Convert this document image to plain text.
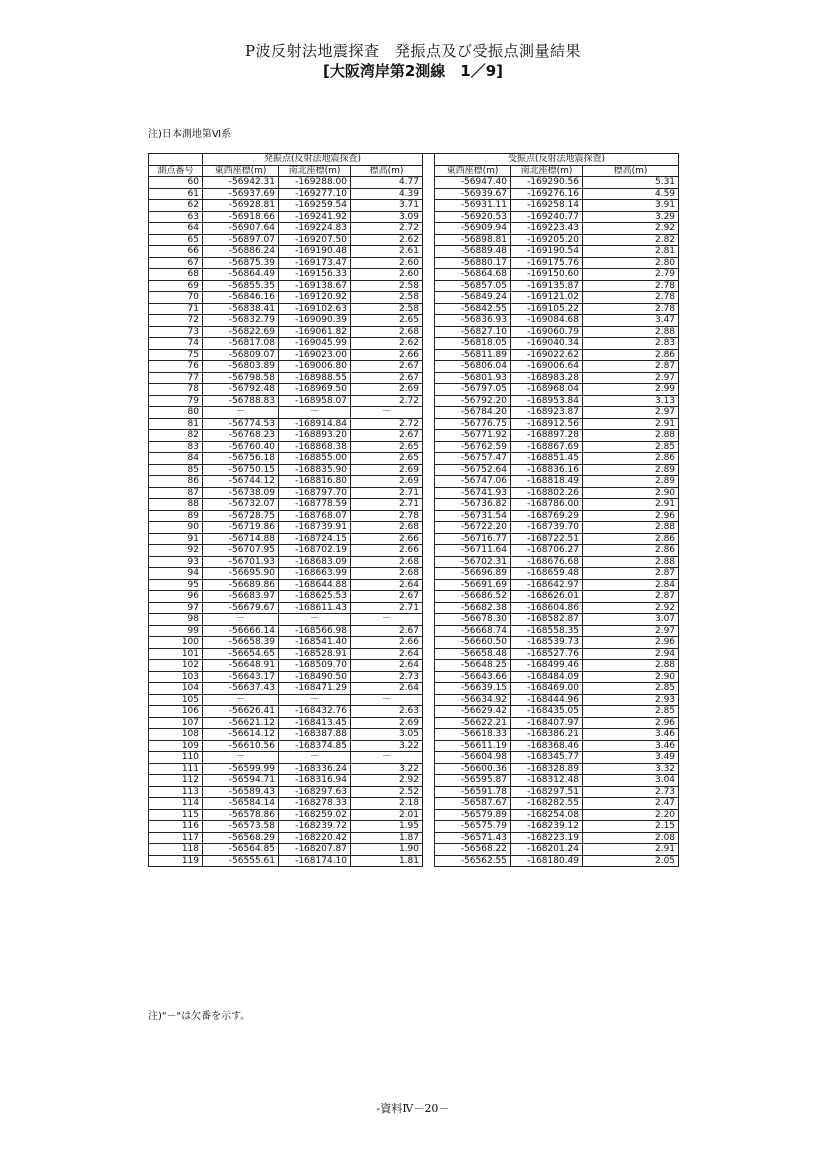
P波反射法地震探査　発振点及び受振点測量結果
[大阪湾岸第2測線　1／9]
注)日本測地第Ⅵ系
	発振点(反射法地震探査)				受振点(反射法地震探査)		
測点番号	東西座標(m)	南北座標(m)	標高(m)		東西座標(m)	南北座標(m)	標高(m)
60	-56942.31	-169288.00	4.77		-56947.40	-169290.56	5.31
61	-56937.69	-169277.10	4.39		-56939.67	-169276.16	4.59
62	-56928.81	-169259.54	3.71		-56931.11	-169258.14	3.91
63	-56918.66	-169241.92	3.09		-56920.53	-169240.77	3.29
64	-56907.64	-169224.83	2.72		-56909.94	-169223.43	2.92
65	-56897.07	-169207.50	2.62		-56898.81	-169205.20	2.82
66	-56886.24	-169190.48	2.61		-56889.48	-169190.54	2.81
67	-56875.39	-169173.47	2.60		-56880.17	-169175.76	2.80
68	-56864.49	-169156.33	2.60		-56864.68	-169150.60	2.79
69	-56855.35	-169138.67	2.58		-56857.05	-169135.87	2.78
70	-56846.16	-169120.92	2.58		-56849.24	-169121.02	2.78
71	-56838.41	-169102.63	2.58		-56842.55	-169105.22	2.78
72	-56832.79	-169090.39	2.65		-56836.93	-169084.68	3.47
73	-56822.69	-169061.82	2.68		-56827.10	-169060.79	2.88
74	-56817.08	-169045.99	2.62		-56818.05	-169040.34	2.83
75	-56809.07	-169023.00	2.66		-56811.89	-169022.62	2.86
76	-56803.89	-169006.80	2.67		-56806.04	-169006.64	2.87
77	-56798.58	-168988.55	2.67		-56801.93	-168983.28	2.97
78	-56792.48	-168969.50	2.69		-56797.05	-168968.04	2.99
79	-56788.83	-168958.07	2.72		-56792.20	-168953.84	3.13
80	－	－	－		-56784.20	-168923.87	2.97
81	-56774.53	-168914.84	2.72		-56776.75	-168912.56	2.91
82	-56768.23	-168893.20	2.67		-56771.92	-168897.28	2.88
83	-56760.40	-168868.38	2.65		-56762.59	-168867.69	2.85
84	-56756.18	-168855.00	2.65		-56757.47	-168851.45	2.86
85	-56750.15	-168835.90	2.69		-56752.64	-168836.16	2.89
86	-56744.12	-168816.80	2.69		-56747.06	-168818.49	2.89
87	-56738.09	-168797.70	2.71		-56741.93	-168802.26	2.90
88	-56732.07	-168778.59	2.71		-56736.82	-168786.00	2.91
89	-56728.75	-168768.07	2.78		-56731.54	-168769.29	2.96
90	-56719.86	-168739.91	2.68		-56722.20	-168739.70	2.88
91	-56714.88	-168724.15	2.66		-56716.77	-168722.51	2.86
92	-56707.95	-168702.19	2.66		-56711.64	-168706.27	2.86
93	-56701.93	-168683.09	2.68		-56702.31	-168676.68	2.88
94	-56695.90	-168663.99	2.68		-56696.89	-168659.48	2.87
95	-56689.86	-168644.88	2.64		-56691.69	-168642.97	2.84
96	-56683.97	-168625.53	2.67		-56686.52	-168626.01	2.87
97	-56679.67	-168611.43	2.71		-56682.38	-168604.86	2.92
98	－	－	－		-56678.30	-168582.87	3.07
99	-56666.14	-168566.98	2.67		-56668.74	-168558.35	2.97
100	-56658.39	-168541.40	2.66		-56660.50	-168539.73	2.96
101	-56654.65	-168528.91	2.64		-56658.48	-168527.76	2.94
102	-56648.91	-168509.70	2.64		-56648.25	-168499.46	2.88
103	-56643.17	-168490.50	2.73		-56643.66	-168484.09	2.90
104	-56637.43	-168471.29	2.64		-56639.15	-168469.00	2.85
105	－	－	－		-56634.92	-168444.96	2.93
106	-56626.41	-168432.76	2.63		-56629.42	-168435.05	2.85
107	-56621.12	-168413.45	2.69		-56622.21	-168407.97	2.96
108	-56614.12	-168387.88	3.05		-56618.33	-168386.21	3.46
109	-56610.56	-168374.85	3.22		-56611.19	-168368.46	3.46
110	－	－	－		-56604.98	-168345.77	3.49
111	-56599.99	-168336.24	3.22		-56600.36	-168328.89	3.32
112	-56594.71	-168316.94	2.92		-56595.87	-168312.48	3.04
113	-56589.43	-168297.63	2.52		-56591.78	-168297.51	2.73
114	-56584.14	-168278.33	2.18		-56587.67	-168282.55	2.47
115	-56578.86	-168259.02	2.01		-56579.89	-168254.08	2.20
116	-56573.58	-168239.72	1.95		-56575.79	-168239.12	2.15
117	-56568.29	-168220.42	1.87		-56571.43	-168223.19	2.08
118	-56564.85	-168207.87	1.90		-56568.22	-168201.24	2.91
119	-56555.61	-168174.10	1.81		-56562.55	-168180.49	2.05
注)"－"は欠番を示す。
-資料Ⅳ－20－
